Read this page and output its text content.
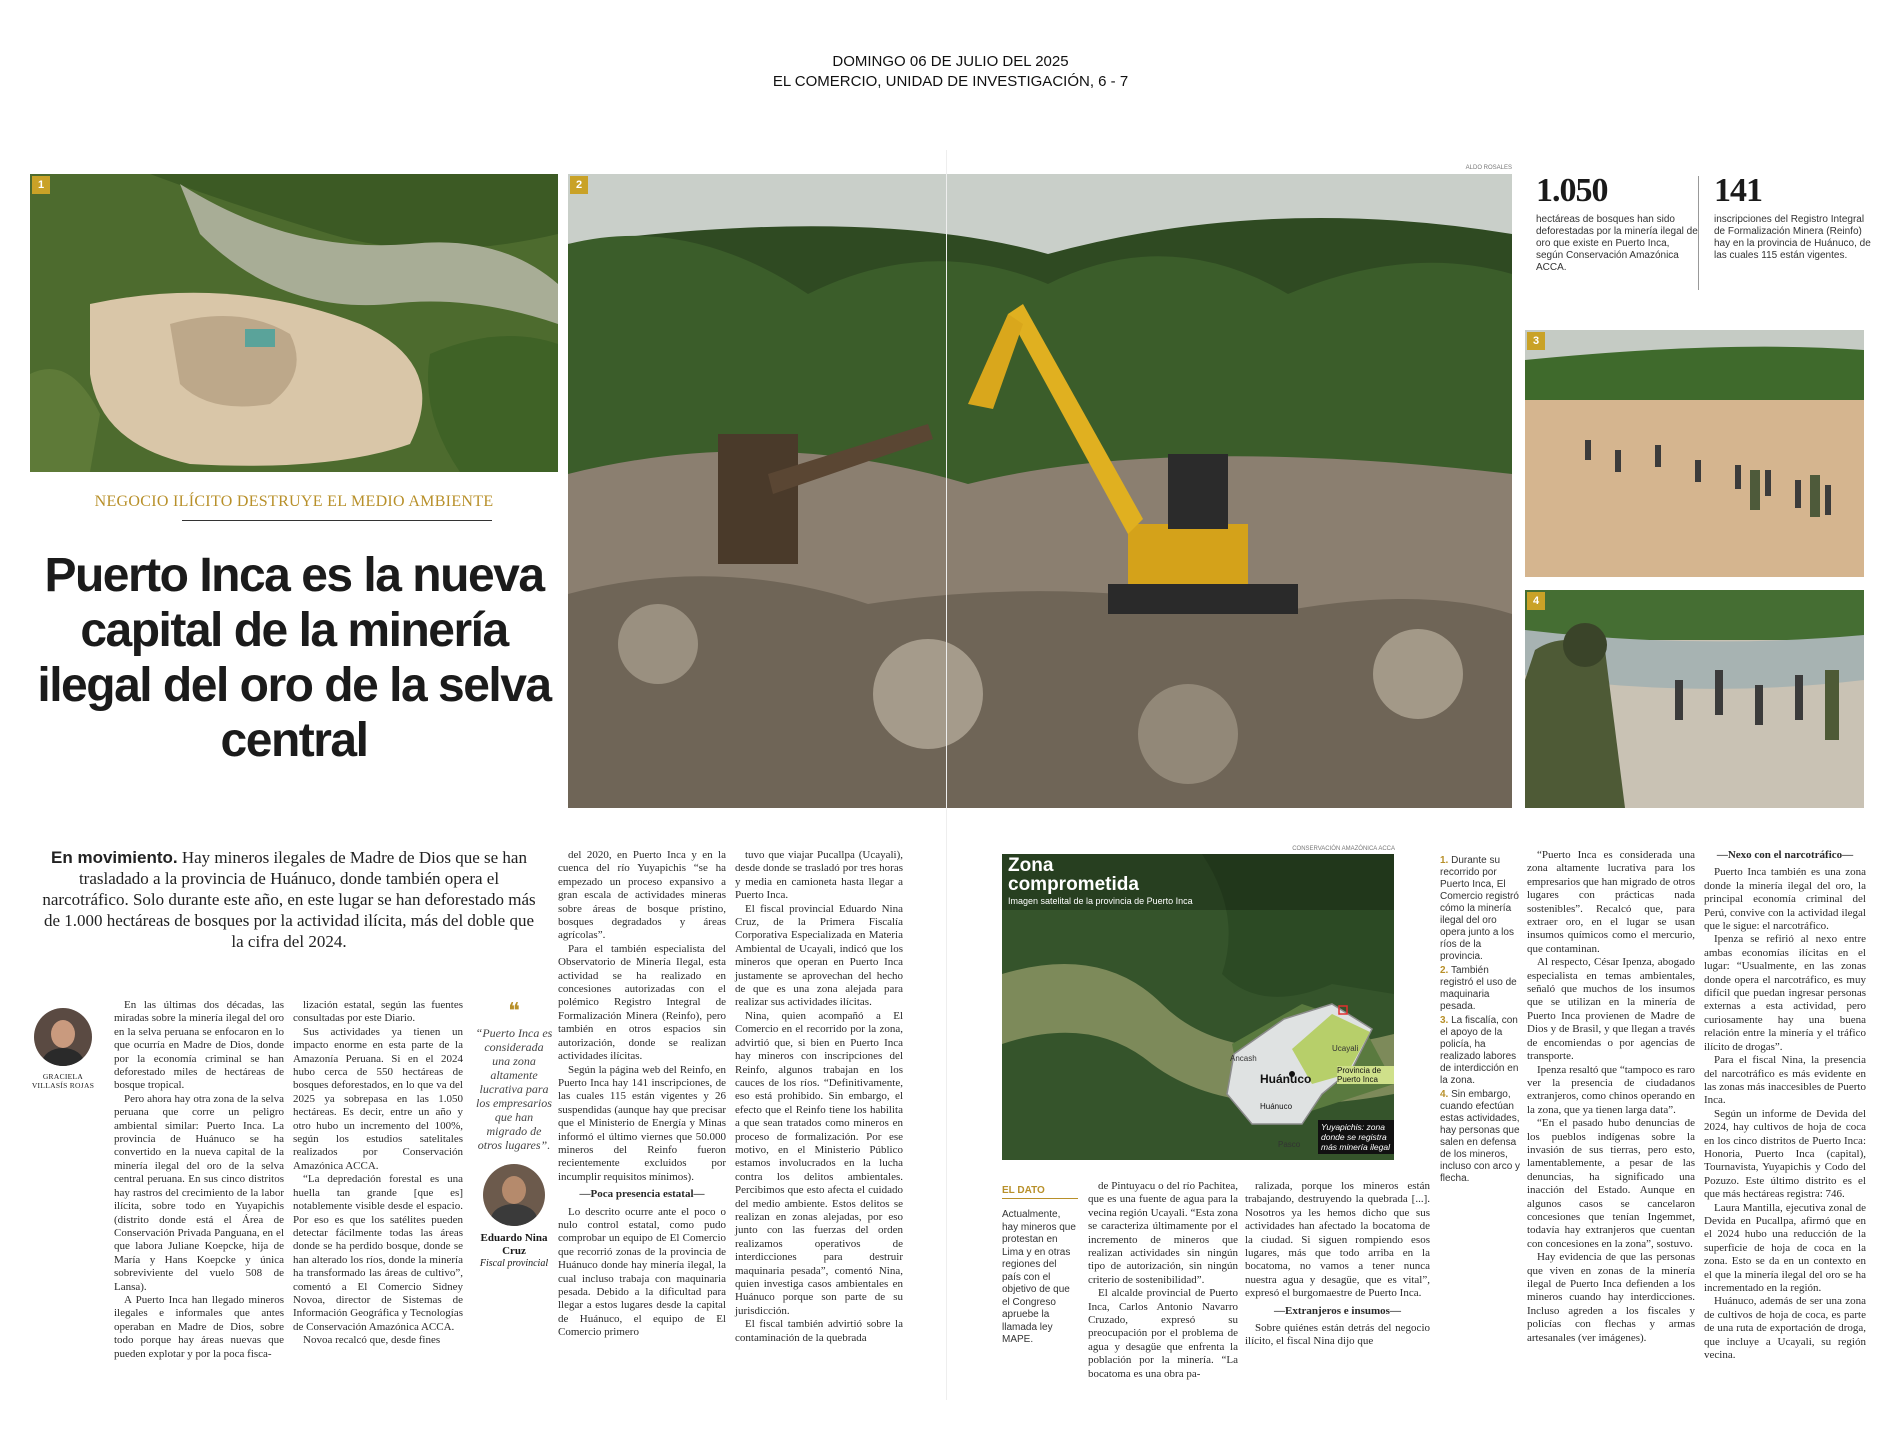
DOMINGO 06 DE JULIO DEL 2025
EL COMERCIO, UNIDAD DE INVESTIGACIÓN, 6 - 7
1	2
ALDO ROSALES
1.050
hectáreas de bosques han sido deforestadas por la minería ilegal de oro que existe en Puerto Inca, según Conservación Amazónica ACCA.
141
inscripciones del Registro Integral de Formalización Minera (Reinfo) hay en la provincia de Huánuco, de las cuales 115 están vigentes.
3
4
NEGOCIO ILÍCITO DESTRUYE EL MEDIO AMBIENTE
Puerto Inca es la nueva capital de la minería ilegal del oro de la selva central
En movimiento. Hay mineros ilegales de Madre de Dios que se han trasladado a la provincia de Huánuco, donde también opera el narcotráfico. Solo durante este año, en este lugar se han deforestado más de 1.000 hectáreas de bosques por la actividad ilícita, más del doble que la cifra del 2024.
GRACIELA VILLASÍS ROJAS

En las últimas dos décadas, las miradas sobre la minería ilegal del oro en la selva peruana se enfocaron en lo que ocurría en Madre de Dios, donde por la economía criminal se han deforestado miles de hectáreas de bosque tropical.

Pero ahora hay otra zona de la selva peruana que corre un peligro ambiental similar: Puerto Inca. La provincia de Huánuco se ha convertido en la nueva capital de la minería ilegal del oro de la selva central peruana. En sus cinco distritos hay rastros del crecimiento de la labor ilícita, sobre todo en Yuyapichis (distrito donde está el Área de Conservación Privada Panguana, en el que labora Juliane Koepcke, hija de María y Hans Koepcke y única sobreviviente del vuelo 508 de Lansa).

A Puerto Inca han llegado mineros ilegales e informales que antes operaban en Madre de Dios, sobre todo porque hay áreas nuevas que pueden explotar y por la poca fisca-

lización estatal, según las fuentes consultadas por este Diario.

Sus actividades ya tienen un impacto enorme en esta parte de la Amazonía Peruana. Si en el 2024 hubo cerca de 550 hectáreas de bosques deforestados, en lo que va del 2025 ya sobrepasa en las 1.050 hectáreas. Es decir, entre un año y otro hubo un incremento del 100%, según los estudios satelitales realizados por Conservación Amazónica ACCA.

“La depredación forestal es una huella tan grande [que es] notablemente visible desde el espacio. Por eso es que los satélites pueden detectar fácilmente todas las áreas donde se ha perdido bosque, donde se han alterado los ríos, donde la minería ha transformado las áreas de cultivo”, comentó a El Comercio Sidney Novoa, director de Sistemas de Información Geográfica y Tecnologías de Conservación Amazónica ACCA.

Novoa recalcó que, desde fines

❝
“Puerto Inca es considerada una zona altamente lucrativa para los empresarios que han migrado de otros lugares”.
Eduardo Nina Cruz
Fiscal provincial

del 2020, en Puerto Inca y en la cuenca del río Yuyapichis “se ha empezado un proceso expansivo a gran escala de actividades mineras sobre áreas de bosque prístino, bosques degradados y áreas agrícolas”.

Para el también especialista del Observatorio de Minería Ilegal, esta actividad se ha realizado en concesiones autorizadas con el polémico Registro Integral de Formalización Minera (Reinfo), pero también en otros espacios sin autorización, donde se realizan actividades ilícitas.

Según la página web del Reinfo, en Puerto Inca hay 141 inscripciones, de las cuales 115 están vigentes y 26 suspendidas (aunque hay que precisar que el Ministerio de Energía y Minas informó el último viernes que 50.000 mineros del Reinfo fueron recientemente excluidos por incumplir requisitos mínimos).

—Poca presencia estatal—

Lo descrito ocurre ante el poco o nulo control estatal, como pudo comprobar un equipo de El Comercio que recorrió zonas de la provincia de Huánuco donde hay minería ilegal, la cual incluso trabaja con maquinaria pesada. Debido a la dificultad para llegar a estos lugares desde la capital de Huánuco, el equipo de El Comercio primero

tuvo que viajar Pucallpa (Ucayali), desde donde se trasladó por tres horas y media en camioneta hasta llegar a Puerto Inca.

El fiscal provincial Eduardo Nina Cruz, de la Primera Fiscalía Corporativa Especializada en Materia Ambiental de Ucayali, indicó que los mineros que operan en Puerto Inca justamente se aprovechan del hecho de que es una zona alejada para realizar sus actividades ilícitas.

Nina, quien acompañó a El Comercio en el recorrido por la zona, advirtió que, si bien en Puerto Inca hay mineros con inscripciones del Reinfo, algunos trabajan en los cauces de los ríos. “Definitivamente, eso está prohibido. Sin embargo, el efecto que el Reinfo tiene los habilita a que sean tratados como mineros en proceso de formalización. Por ese motivo, en el Ministerio Público estamos involucrados en la lucha contra los delitos ambientales. Percibimos que esto afecta el cuidado del medio ambiente. Estos delitos se realizan en zonas alejadas, por eso junto con las fuerzas del orden realizamos operativos de interdicciones para destruir maquinaria pesada”, comentó Nina, quien investiga casos ambientales en Huánuco porque son parte de su jurisdicción.

El fiscal también advirtió sobre la contaminación de la quebrada

CONSERVACIÓN AMAZÓNICA ACCA
Zona comprometida
Imagen satelital de la provincia de Puerto Inca
Ancash
Ucayali
Huánuco
Provincia de Puerto Inca
Huánuco
Pasco
Yuyapichis: zona donde se registra más minería ilegal

1. Durante su recorrido por Puerto Inca, El Comercio registró cómo la minería ilegal del oro opera junto a los ríos de la provincia.

2. También registró el uso de maquinaria pesada.

3. La fiscalía, con el apoyo de la policía, ha realizado labores de interdicción en la zona.

4. Sin embargo, cuando efectúan estas actividades, hay personas que salen en defensa de los mineros, incluso con arco y flecha.

EL DATO
Actualmente, hay mineros que protestan en Lima y en otras regiones del país con el objetivo de que el Congreso apruebe la llamada ley MAPE.

de Pintuyacu o del río Pachitea, que es una fuente de agua para la vecina región Ucayali. “Esta zona se caracteriza últimamente por el incremento de mineros que realizan actividades sin ningún tipo de autorización, sin ningún criterio de sostenibilidad”.

El alcalde provincial de Puerto Inca, Carlos Antonio Navarro Cruzado, expresó su preocupación por el problema de agua y desagüe que enfrenta la población por la minería. “La bocatoma es una obra pa-

ralizada, porque los mineros están trabajando, destruyendo la quebrada [...]. Nosotros ya les hemos dicho que sus actividades han afectado la bocatoma de la ciudad. Si siguen rompiendo esos lugares, más que todo arriba en la bocatoma, no vamos a tener nunca nuestra agua y desagüe, que es vital”, expresó el burgomaestre de Puerto Inca.

—Extranjeros e insumos—

Sobre quiénes están detrás del negocio ilícito, el fiscal Nina dijo que

“Puerto Inca es considerada una zona altamente lucrativa para los empresarios que han migrado de otros lugares con prácticas nada sostenibles”. Recalcó que, para extraer oro, en el lugar se usan insumos químicos como el mercurio, que contaminan.

Al respecto, César Ipenza, abogado especialista en temas ambientales, señaló que muchos de los insumos que se utilizan en la minería de Puerto Inca provienen de Madre de Dios y de Brasil, y que llegan a través de encomiendas o por agencias de transporte.

Ipenza resaltó que “tampoco es raro ver la presencia de ciudadanos extranjeros, como chinos operando en la zona, que ya tienen larga data”.

“En el pasado hubo denuncias de los pueblos indígenas sobre la invasión de sus tierras, pero esto, lamentablemente, a pesar de las denuncias, ha significado una inacción del Estado. Aunque en algunos casos se cancelaron concesiones que tenían Ingemmet, todavía hay extranjeros que cuentan con concesiones en la zona”, sostuvo.

Hay evidencia de que las personas que viven en zonas de la minería ilegal de Puerto Inca defienden a los mineros cuando hay interdicciones. Incluso agreden a los fiscales y policías con flechas y armas artesanales (ver imágenes).

—Nexo con el narcotráfico—

Puerto Inca también es una zona donde la minería ilegal del oro, la principal economía criminal del Perú, convive con la actividad ilegal que le sigue: el narcotráfico.

Ipenza se refirió al nexo entre ambas economías ilícitas en el lugar: “Usualmente, en las zonas donde opera el narcotráfico, es muy difícil que puedan ingresar personas externas a esta actividad, pero curiosamente hay una buena relación entre la minería y el tráfico ilícito de drogas”.

Para el fiscal Nina, la presencia del narcotráfico es más evidente en las zonas más inaccesibles de Puerto Inca.

Según un informe de Devida del 2024, hay cultivos de hoja de coca en los cinco distritos de Puerto Inca: Honoria, Puerto Inca (capital), Tournavista, Yuyapichis y Codo del Pozuzo. Este último distrito es el que más hectáreas registra: 746.

Laura Mantilla, ejecutiva zonal de Devida en Pucallpa, afirmó que en el 2024 hubo una reducción de la superficie de hoja de coca en la zona. Esto se da en un contexto en el que la minería ilegal del oro se ha incrementado en la región.

Huánuco, además de ser una zona de cultivos de hoja de coca, es parte de una ruta de exportación de droga, que incluye a Ucayali, su región vecina.
